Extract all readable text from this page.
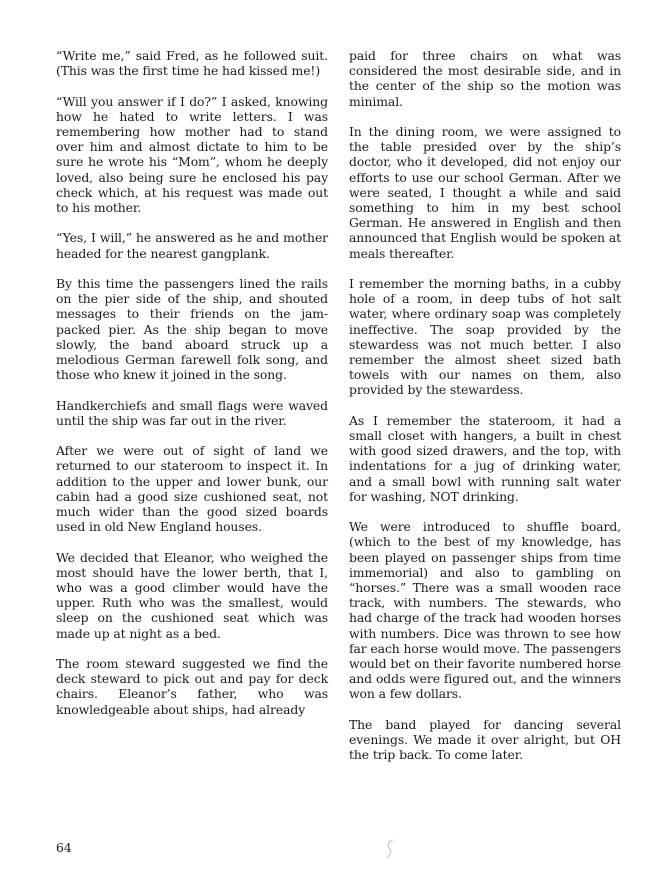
“Write me,” said Fred, as he followed suit. (This was the first time he had kissed me!)

“Will you answer if I do?” I asked, knowing how he hated to write letters. I was remembering how mother had to stand over him and almost dictate to him to be sure he wrote his “Mom”, whom he deeply loved, also being sure he enclosed his pay check which, at his request was made out to his mother.

“Yes, I will,” he answered as he and mother headed for the nearest gangplank.

By this time the passengers lined the rails on the pier side of the ship, and shouted messages to their friends on the jam-packed pier. As the ship began to move slowly, the band aboard struck up a melodious German farewell folk song, and those who knew it joined in the song.

Handkerchiefs and small flags were waved until the ship was far out in the river.

After we were out of sight of land we returned to our stateroom to inspect it. In addition to the upper and lower bunk, our cabin had a good size cushioned seat, not much wider than the good sized boards used in old New England houses.

We decided that Eleanor, who weighed the most should have the lower berth, that I, who was a good climber would have the upper. Ruth who was the smallest, would sleep on the cushioned seat which was made up at night as a bed.

The room steward suggested we find the deck steward to pick out and pay for deck chairs. Eleanor’s father, who was knowledgeable about ships, had already

paid for three chairs on what was considered the most desirable side, and in the center of the ship so the motion was minimal.

In the dining room, we were assigned to the table presided over by the ship’s doctor, who it developed, did not enjoy our efforts to use our school German. After we were seated, I thought a while and said something to him in my best school German. He answered in English and then announced that English would be spoken at meals thereafter.

I remember the morning baths, in a cubby hole of a room, in deep tubs of hot salt water, where ordinary soap was completely ineffective. The soap provided by the stewardess was not much better. I also remember the almost sheet sized bath towels with our names on them, also provided by the stewardess.

As I remember the stateroom, it had a small closet with hangers, a built in chest with good sized drawers, and the top, with indentations for a jug of drinking water, and a small bowl with running salt water for washing, NOT drinking.

We were introduced to shuffle board, (which to the best of my knowledge, has been played on passenger ships from time immemorial) and also to gambling on “horses.” There was a small wooden race track, with numbers. The stewards, who had charge of the track had wooden horses with numbers. Dice was thrown to see how far each horse would move. The passengers would bet on their favorite numbered horse and odds were figured out, and the winners won a few dollars.

The band played for dancing several evenings. We made it over alright, but OH the trip back. To come later.

64
